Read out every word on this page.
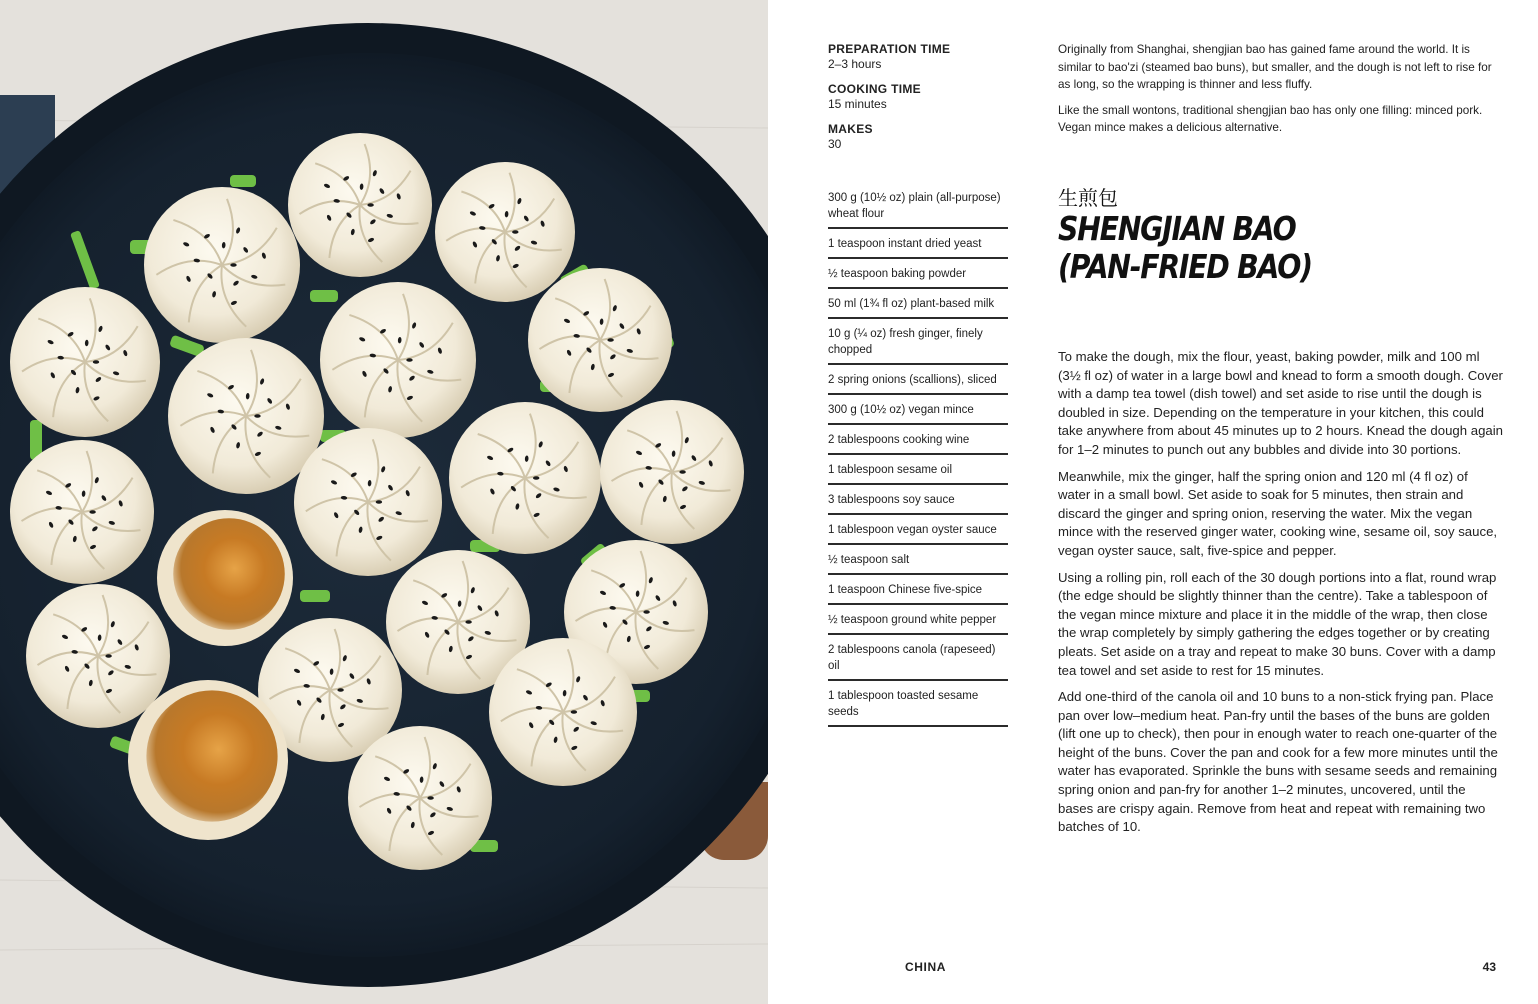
PREPARATION TIME
2–3 hours
COOKING TIME
15 minutes
MAKES
30

Originally from Shanghai, shengjian bao has gained fame around the world. It is similar to bao'zi (steamed bao buns), but smaller, and the dough is not left to rise for as long, so the wrapping is thinner and less fluffy.

Like the small wontons, traditional shengjian bao has only one filling: minced pork. Vegan mince makes a delicious alternative.

300 g (10½ oz) plain (all-purpose) wheat flour
1 teaspoon instant dried yeast
½ teaspoon baking powder
50 ml (1¾ fl oz) plant-based milk
10 g (¼ oz) fresh ginger, finely chopped
2 spring onions (scallions), sliced
300 g (10½ oz) vegan mince
2 tablespoons cooking wine
1 tablespoon sesame oil
3 tablespoons soy sauce
1 tablespoon vegan oyster sauce
½ teaspoon salt
1 teaspoon Chinese five-spice
½ teaspoon ground white pepper
2 tablespoons canola (rapeseed) oil
1 tablespoon toasted sesame seeds
生煎包
SHENGJIAN BAO
(PAN-FRIED BAO)

To make the dough, mix the flour, yeast, baking powder, milk and 100 ml (3½ fl oz) of water in a large bowl and knead to form a smooth dough. Cover with a damp tea towel (dish towel) and set aside to rise until the dough is doubled in size. Depending on the temperature in your kitchen, this could take anywhere from about 45 minutes up to 2 hours. Knead the dough again for 1–2 minutes to punch out any bubbles and divide into 30 portions.

Meanwhile, mix the ginger, half the spring onion and 120 ml (4 fl oz) of water in a small bowl. Set aside to soak for 5 minutes, then strain and discard the ginger and spring onion, reserving the water. Mix the vegan mince with the reserved ginger water, cooking wine, sesame oil, soy sauce, vegan oyster sauce, salt, five-spice and pepper.

Using a rolling pin, roll each of the 30 dough portions into a flat, round wrap (the edge should be slightly thinner than the centre). Take a tablespoon of the vegan mince mixture and place it in the middle of the wrap, then close the wrap completely by simply gathering the edges together or by creating pleats. Set aside on a tray and repeat to make 30 buns. Cover with a damp tea towel and set aside to rest for 15 minutes.

Add one-third of the canola oil and 10 buns to a non-stick frying pan. Place pan over low–medium heat. Pan-fry until the bases of the buns are golden (lift one up to check), then pour in enough water to reach one-quarter of the height of the buns. Cover the pan and cook for a few more minutes until the water has evaporated. Sprinkle the buns with sesame seeds and remaining spring onion and pan-fry for another 1–2 minutes, uncovered, until the bases are crispy again. Remove from heat and repeat with remaining two batches of 10.

CHINA	43
